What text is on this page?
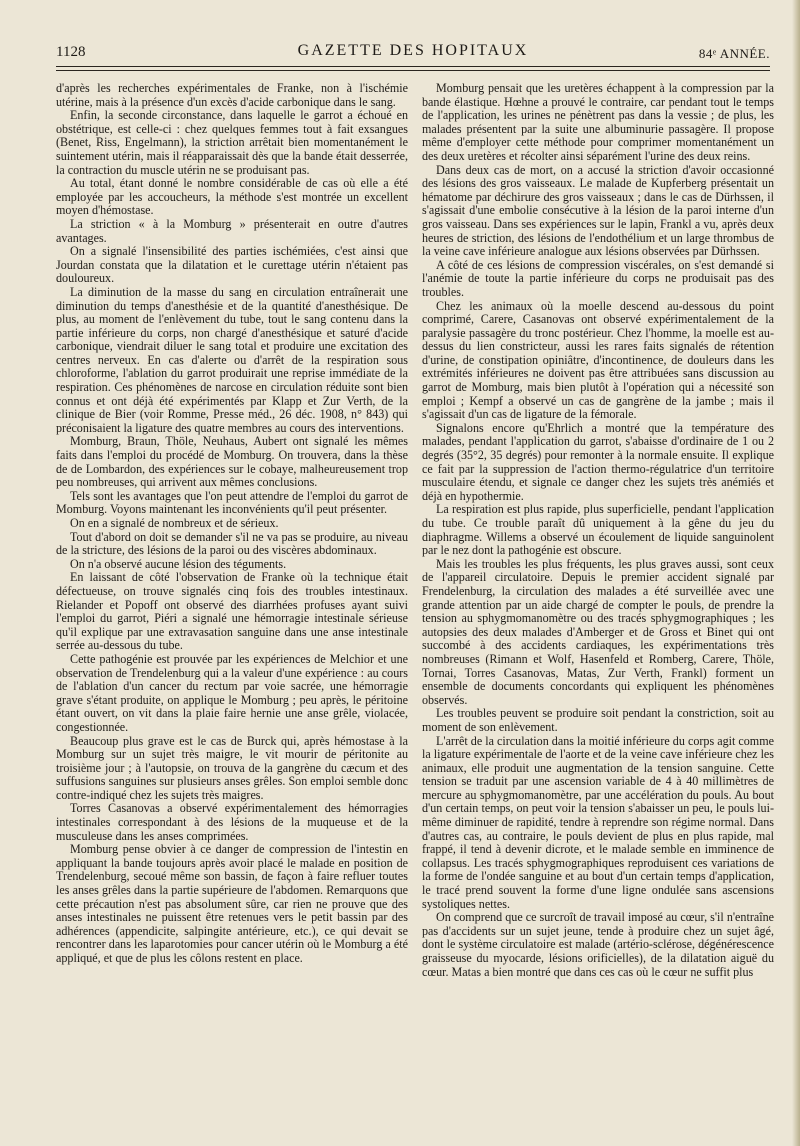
1128	GAZETTE DES HOPITAUX	84ᵉ ANNÉE.

d'après les recherches expérimentales de Franke, non à l'ischémie utérine, mais à la présence d'un excès d'acide carbonique dans le sang.

Enfin, la seconde circonstance, dans laquelle le garrot a échoué en obstétrique, est celle-ci : chez quelques femmes tout à fait exsangues (Benet, Riss, Engelmann), la striction arrêtait bien momentanément le suintement utérin, mais il réapparaissait dès que la bande était desserrée, la contraction du muscle utérin ne se produisant pas.

Au total, étant donné le nombre considérable de cas où elle a été employée par les accoucheurs, la méthode s'est montrée un excellent moyen d'hémostase.

La striction « à la Momburg » présenterait en outre d'autres avantages.

On a signalé l'insensibilité des parties ischémiées, c'est ainsi que Jourdan constata que la dilatation et le curettage utérin n'étaient pas douloureux.

La diminution de la masse du sang en circulation entraînerait une diminution du temps d'anesthésie et de la quantité d'anesthésique. De plus, au moment de l'enlèvement du tube, tout le sang contenu dans la partie inférieure du corps, non chargé d'anesthésique et saturé d'acide carbonique, viendrait diluer le sang total et produire une excitation des centres nerveux. En cas d'alerte ou d'arrêt de la respiration sous chloroforme, l'ablation du garrot produirait une reprise immédiate de la respiration. Ces phénomènes de narcose en circulation réduite sont bien connus et ont déjà été expérimentés par Klapp et Zur Verth, de la clinique de Bier (voir Romme, Presse méd., 26 déc. 1908, n° 843) qui préconisaient la ligature des quatre membres au cours des interventions.

Momburg, Braun, Thöle, Neuhaus, Aubert ont signalé les mêmes faits dans l'emploi du procédé de Momburg. On trouvera, dans la thèse de de Lombardon, des expériences sur le cobaye, malheureusement trop peu nombreuses, qui arrivent aux mêmes conclusions.

Tels sont les avantages que l'on peut attendre de l'emploi du garrot de Momburg. Voyons maintenant les inconvénients qu'il peut présenter.

On en a signalé de nombreux et de sérieux.

Tout d'abord on doit se demander s'il ne va pas se produire, au niveau de la stricture, des lésions de la paroi ou des viscères abdominaux.

On n'a observé aucune lésion des téguments.

En laissant de côté l'observation de Franke où la technique était défectueuse, on trouve signalés cinq fois des troubles intestinaux. Rielander et Popoff ont observé des diarrhées profuses ayant suivi l'emploi du garrot, Piéri a signalé une hémorragie intestinale sérieuse qu'il explique par une extravasation sanguine dans une anse intestinale serrée au-dessous du tube.

Cette pathogénie est prouvée par les expériences de Melchior et une observation de Trendelenburg qui a la valeur d'une expérience : au cours de l'ablation d'un cancer du rectum par voie sacrée, une hémorragie grave s'étant produite, on applique le Momburg ; peu après, le péritoine étant ouvert, on vit dans la plaie faire hernie une anse grêle, violacée, congestionnée.

Beaucoup plus grave est le cas de Burck qui, après hémostase à la Momburg sur un sujet très maigre, le vit mourir de péritonite au troisième jour ; à l'autopsie, on trouva de la gangrène du cæcum et des suffusions sanguines sur plusieurs anses grêles. Son emploi semble donc contre-indiqué chez les sujets très maigres.

Torres Casanovas a observé expérimentalement des hémorragies intestinales correspondant à des lésions de la muqueuse et de la musculeuse dans les anses comprimées.

Momburg pense obvier à ce danger de compression de l'intestin en appliquant la bande toujours après avoir placé le malade en position de Trendelenburg, secoué même son bassin, de façon à faire refluer toutes les anses grêles dans la partie supérieure de l'abdomen. Remarquons que cette précaution n'est pas absolument sûre, car rien ne prouve que des anses intestinales ne puissent être retenues vers le petit bassin par des adhérences (appendicite, salpingite antérieure, etc.), ce qui devait se rencontrer dans les laparotomies pour cancer utérin où le Momburg a été appliqué, et que de plus les côlons restent en place.

Momburg pensait que les uretères échappent à la compression par la bande élastique. Hœhne a prouvé le contraire, car pendant tout le temps de l'application, les urines ne pénètrent pas dans la vessie ; de plus, les malades présentent par la suite une albuminurie passagère. Il propose même d'employer cette méthode pour comprimer momentanément un des deux uretères et récolter ainsi séparément l'urine des deux reins.

Dans deux cas de mort, on a accusé la striction d'avoir occasionné des lésions des gros vaisseaux. Le malade de Kupferberg présentait un hématome par déchirure des gros vaisseaux ; dans le cas de Dürhssen, il s'agissait d'une embolie consécutive à la lésion de la paroi interne d'un gros vaisseau. Dans ses expériences sur le lapin, Frankl a vu, après deux heures de striction, des lésions de l'endothélium et un large thrombus de la veine cave inférieure analogue aux lésions observées par Dürhssen.

A côté de ces lésions de compression viscérales, on s'est demandé si l'anémie de toute la partie inférieure du corps ne produisait pas des troubles.

Chez les animaux où la moelle descend au-dessous du point comprimé, Carere, Casanovas ont observé expérimentalement de la paralysie passagère du tronc postérieur. Chez l'homme, la moelle est au-dessus du lien constricteur, aussi les rares faits signalés de rétention d'urine, de constipation opiniâtre, d'incontinence, de douleurs dans les extrémités inférieures ne doivent pas être attribuées sans discussion au garrot de Momburg, mais bien plutôt à l'opération qui a nécessité son emploi ; Kempf a observé un cas de gangrène de la jambe ; mais il s'agissait d'un cas de ligature de la fémorale.

Signalons encore qu'Ehrlich a montré que la température des malades, pendant l'application du garrot, s'abaisse d'ordinaire de 1 ou 2 degrés (35°2, 35 degrés) pour remonter à la normale ensuite. Il explique ce fait par la suppression de l'action thermo-régulatrice d'un territoire musculaire étendu, et signale ce danger chez les sujets très anémiés et déjà en hypothermie.

La respiration est plus rapide, plus superficielle, pendant l'application du tube. Ce trouble paraît dû uniquement à la gêne du jeu du diaphragme. Willems a observé un écoulement de liquide sanguinolent par le nez dont la pathogénie est obscure.

Mais les troubles les plus fréquents, les plus graves aussi, sont ceux de l'appareil circulatoire. Depuis le premier accident signalé par Frendelenburg, la circulation des malades a été surveillée avec une grande attention par un aide chargé de compter le pouls, de prendre la tension au sphygmomanomètre ou des tracés sphygmographiques ; les autopsies des deux malades d'Amberger et de Gross et Binet qui ont succombé à des accidents cardiaques, les expérimentations très nombreuses (Rimann et Wolf, Hasenfeld et Romberg, Carere, Thöle, Tornai, Torres Casanovas, Matas, Zur Verth, Frankl) forment un ensemble de documents concordants qui expliquent les phénomènes observés.

Les troubles peuvent se produire soit pendant la constriction, soit au moment de son enlèvement.

L'arrêt de la circulation dans la moitié inférieure du corps agit comme la ligature expérimentale de l'aorte et de la veine cave inférieure chez les animaux, elle produit une augmentation de la tension sanguine. Cette tension se traduit par une ascension variable de 4 à 40 millimètres de mercure au sphygmomanomètre, par une accélération du pouls. Au bout d'un certain temps, on peut voir la tension s'abaisser un peu, le pouls lui-même diminuer de rapidité, tendre à reprendre son régime normal. Dans d'autres cas, au contraire, le pouls devient de plus en plus rapide, mal frappé, il tend à devenir dicrote, et le malade semble en imminence de collapsus. Les tracés sphygmographiques reproduisent ces variations de la forme de l'ondée sanguine et au bout d'un certain temps d'application, le tracé prend souvent la forme d'une ligne ondulée sans ascensions systoliques nettes.

On comprend que ce surcroît de travail imposé au cœur, s'il n'entraîne pas d'accidents sur un sujet jeune, tende à produire chez un sujet âgé, dont le système circulatoire est malade (artério-sclérose, dégénérescence graisseuse du myocarde, lésions orificielles), de la dilatation aiguë du cœur. Matas a bien montré que dans ces cas où le cœur ne suffit plus
